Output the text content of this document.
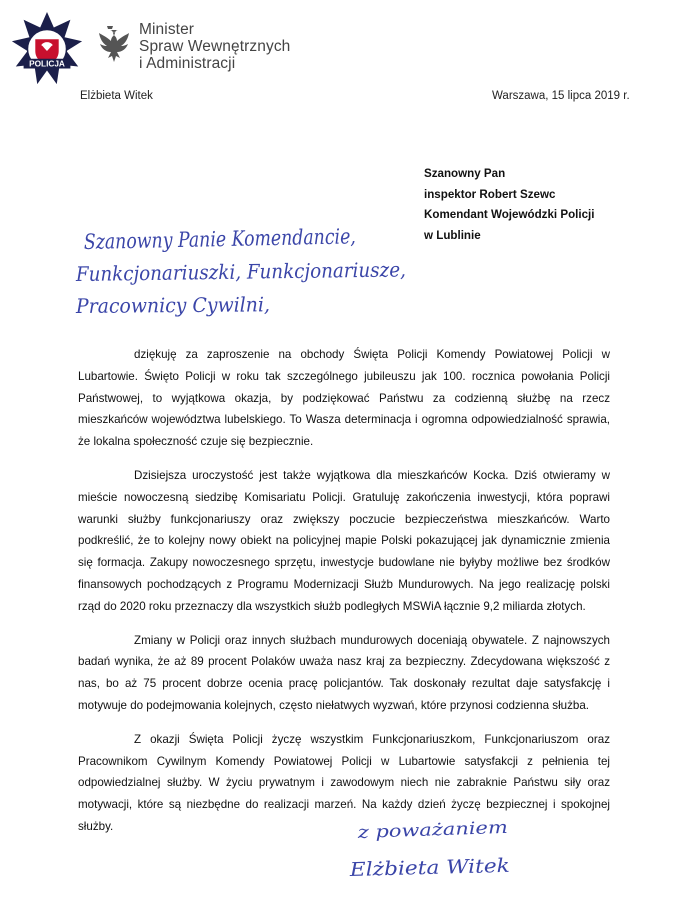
POLICJA
Minister
Spraw Wewnętrznych
i Administracji
Elżbieta Witek	Warszawa, 15 lipca 2019 r.
Szanowny Pan
inspektor Robert Szewc
Komendant Wojewódzki Policji
w Lublinie
Szanowny Panie Komendancie,
Funkcjonariuszki, Funkcjonariusze,
Pracownicy Cywilni,

dziękuję za zaproszenie na obchody Święta Policji Komendy Powiatowej Policji w Lubartowie. Święto Policji w roku tak szczególnego jubileuszu jak 100. rocznica powołania Policji Państwowej, to wyjątkowa okazja, by podziękować Państwu za codzienną służbę na rzecz mieszkańców województwa lubelskiego. To Wasza determinacja i ogromna odpowiedzialność sprawia, że lokalna społeczność czuje się bezpiecznie.

Dzisiejsza uroczystość jest także wyjątkowa dla mieszkańców Kocka. Dziś otwieramy w mieście nowoczesną siedzibę Komisariatu Policji. Gratuluję zakończenia inwestycji, która poprawi warunki służby funkcjonariuszy oraz zwiększy poczucie bezpieczeństwa mieszkańców. Warto podkreślić, że to kolejny nowy obiekt na policyjnej mapie Polski pokazującej jak dynamicznie zmienia się formacja. Zakupy nowoczesnego sprzętu, inwestycje budowlane nie byłyby możliwe bez środków finansowych pochodzących z Programu Modernizacji Służb Mundurowych. Na jego realizację polski rząd do 2020 roku przeznaczy dla wszystkich służb podległych MSWiA łącznie 9,2 miliarda złotych.

Zmiany w Policji oraz innych służbach mundurowych doceniają obywatele. Z najnowszych badań wynika, że aż 89 procent Polaków uważa nasz kraj za bezpieczny. Zdecydowana większość z nas, bo aż 75 procent dobrze ocenia pracę policjantów. Tak doskonały rezultat daje satysfakcję i motywuje do podejmowania kolejnych, często niełatwych wyzwań, które przynosi codzienna służba.

Z okazji Święta Policji życzę wszystkim Funkcjonariuszkom, Funkcjonariuszom oraz Pracownikom Cywilnym Komendy Powiatowej Policji w Lubartowie satysfakcji z pełnienia tej odpowiedzialnej służby. W życiu prywatnym i zawodowym niech nie zabraknie Państwu siły oraz motywacji, które są niezbędne do realizacji marzeń. Na każdy dzień życzę bezpiecznej i spokojnej służby.	z poważaniem
Elżbieta Witek
